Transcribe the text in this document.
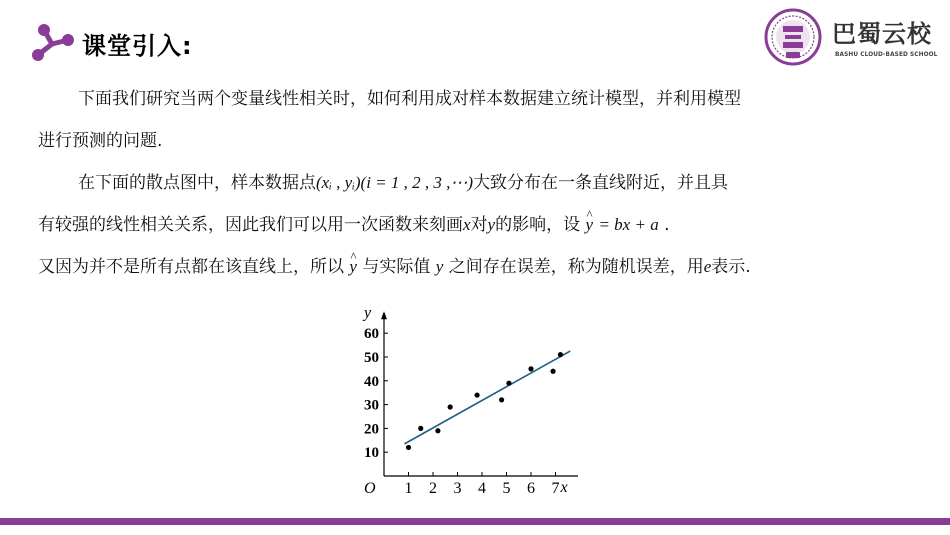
课堂引入:	巴蜀云校
BASHU CLOUD-BASED SCHOOL
下面我们研究当两个变量线性相关时，如何利用成对样本数据建立统计模型，并利用模型
进行预测的问题.
在下面的散点图中，样本数据点(xᵢ , yᵢ)(i = 1 , 2 , 3 ,⋯)大致分布在一条直线附近，并且具
有较强的线性相关关系，因此我们可以用一次函数来刻画x对y的影响，设 ^ y = bx + a .
又因为并不是所有点都在该直线上，所以 ^ y 与实际值 y 之间存在误差，称为随机误差，用e表示.
y
x
O 1 2 3 4 5 6 7
10
20
30
40
50
60
